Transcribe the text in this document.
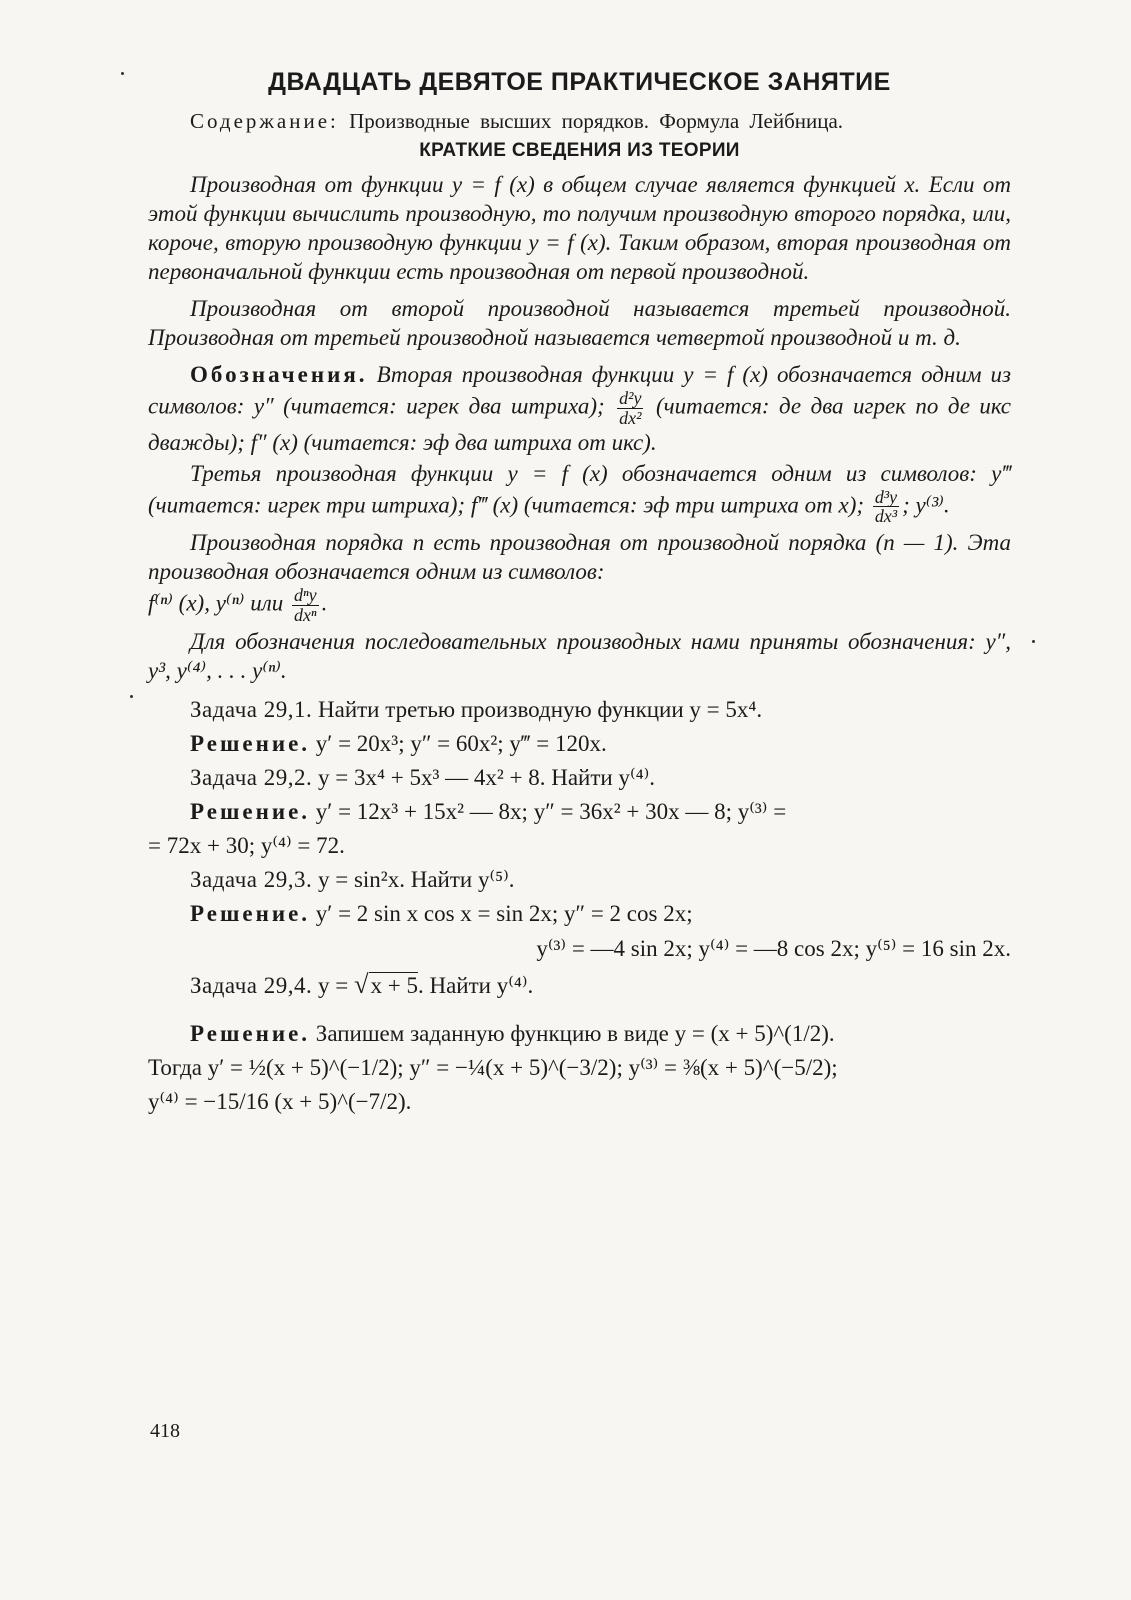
ДВАДЦАТЬ ДЕВЯТОЕ ПРАКТИЧЕСКОЕ ЗАНЯТИЕ
Содержание: Производные высших порядков. Формула Лейбница.
КРАТКИЕ СВЕДЕНИЯ ИЗ ТЕОРИИ

Производная от функции y = f (x) в общем случае является функцией x. Если от этой функции вычислить производную, то получим производную второго порядка, или, короче, вторую производную функции y = f (x). Таким образом, вторая производная от первоначальной функции есть производная от первой производной.

Производная от второй производной называется третьей производной. Производная от третьей производной называется четвертой производной и т. д.

Обозначения. Вторая производная функции y = f (x) обозначается одним из символов: y″ (читается: игрек два штриха); $\frac{\text{d²y}}{\text{dx²}}$ (читается: де два игрек по де икс дважды); f″ (x) (читается: эф два штриха от икс).

Третья производная функции y = f (x) обозначается одним из символов: y‴ (читается: игрек три штриха); f‴ (x) (читается: эф три штриха от x); $\frac{\text{d³y}}{\text{dx³}}$ ; y⁽³⁾.

Производная порядка n есть производная от производной порядка (n — 1). Эта производная обозначается одним из символов:
f⁽ⁿ⁾ (x), y⁽ⁿ⁾ или $\frac{\text{dⁿy}}{\text{dxⁿ}}$ .

Для обозначения последовательных производных нами приняты обозначения: y″, y³, y⁽⁴⁾, . . . y⁽ⁿ⁾.

Задача 29,1. Найти третью производную функции y = 5x⁴.

Решение. y′ = 20x³; y″ = 60x²; y‴ = 120x.

Задача 29,2. y = 3x⁴ + 5x³ — 4x² + 8. Найти y⁽⁴⁾.

Решение. y′ = 12x³ + 15x² — 8x; y″ = 36x² + 30x — 8; y⁽³⁾ =

= 72x + 30; y⁽⁴⁾ = 72.

Задача 29,3. y = sin²x. Найти y⁽⁵⁾.

Решение. y′ = 2 sin x cos x = sin 2x; y″ = 2 cos 2x;

y⁽³⁾ = —4 sin 2x; y⁽⁴⁾ = —8 cos 2x; y⁽⁵⁾ = 16 sin 2x.

Задача 29,4. y = √x + 5. Найти y⁽⁴⁾.

Решение. Запишем заданную функцию в виде y = (x + 5)^(1/2).

Тогда y′ = ½(x + 5)^(−1/2); y″ = −¼(x + 5)^(−3/2); y⁽³⁾ = ⅜(x + 5)^(−5/2);

y⁽⁴⁾ = −15/16 (x + 5)^(−7/2).

418
